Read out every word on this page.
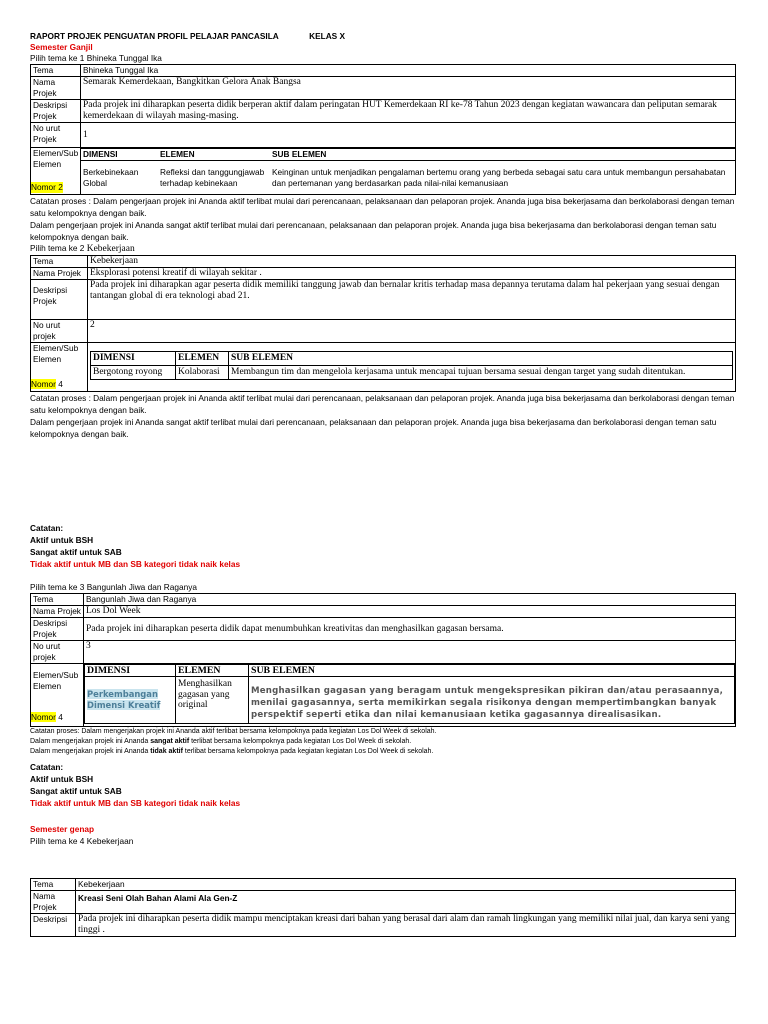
RAPORT PROJEK PENGUATAN PROFIL PELAJAR PANCASILA	KELAS X
Semester Ganjil
Pilih tema ke 1 Bhineka Tunggal Ika
Tema	Bhineka Tunggal Ika
Nama Projek	Semarak Kemerdekaan, Bangkitkan Gelora Anak Bangsa
Deskripsi Projek	Pada projek ini diharapkan peserta didik berperan aktif dalam peringatan HUT Kemerdekaan RI ke-78 Tahun 2023 dengan kegiatan wawancara dan peliputan semarak kemerdekaan di wilayah masing-masing.
No urut Projek	1

Elemen/Sub Elemen
Nomor 2

DIMENSI	ELEMEN	SUB ELEMEN
Berkebinekaan Global	Refleksi dan tanggungjawab terhadap kebinekaan	Keinginan untuk menjadikan pengalaman bertemu orang yang berbeda sebagai satu cara untuk membangun persahabatan dan pertemanan yang berdasarkan pada nilai-nilai kemanusiaan
Catatan proses : Dalam pengerjaan projek ini Ananda aktif terlibat mulai dari perencanaan, pelaksanaan dan pelaporan projek. Ananda juga bisa bekerjasama dan berkolaborasi dengan teman satu kelompoknya dengan baik.
Dalam pengerjaan projek ini Ananda sangat aktif terlibat mulai dari perencanaan, pelaksanaan dan pelaporan projek. Ananda juga bisa bekerjasama dan berkolaborasi dengan teman satu kelompoknya dengan baik.
Pilih tema ke 2 Kebekerjaan
Tema	Kebekerjaan
Nama Projek	Eksplorasi potensi kreatif di wilayah sekitar .
Deskripsi Projek	Pada projek ini diharapkan agar peserta didik memiliki tanggung jawab dan bernalar kritis terhadap masa depannya terutama dalam hal pekerjaan yang sesuai dengan tantangan global di era teknologi abad 21.
No urut projek	2

Elemen/Sub Elemen
Nomor 4

DIMENSI	ELEMEN	SUB ELEMEN
Bergotong royong	Kolaborasi	Membangun tim dan mengelola kerjasama untuk mencapai tujuan bersama sesuai dengan target yang sudah ditentukan.
Catatan proses : Dalam pengerjaan projek ini Ananda aktif terlibat mulai dari perencanaan, pelaksanaan dan pelaporan projek. Ananda juga bisa bekerjasama dan berkolaborasi dengan teman satu kelompoknya dengan baik.
Dalam pengerjaan projek ini Ananda sangat aktif terlibat mulai dari perencanaan, pelaksanaan dan pelaporan projek. Ananda juga bisa bekerjasama dan berkolaborasi dengan teman satu kelompoknya dengan baik.
Catatan:
Aktif untuk BSH
Sangat aktif untuk SAB
Tidak aktif untuk MB dan SB kategori tidak naik kelas
Pilih tema ke 3 Bangunlah Jiwa dan Raganya
Tema	Bangunlah Jiwa dan Raganya
Nama Projek	Los Dol Week
Deskripsi Projek	Pada projek ini diharapkan peserta didik dapat menumbuhkan kreativitas dan menghasilkan gagasan bersama.
No urut projek	3

Elemen/Sub Elemen
Nomor 4

DIMENSI	ELEMEN	SUB ELEMEN
Perkembangan Dimensi Kreatif	Menghasilkan gagasan yang original	Menghasilkan gagasan yang beragam untuk mengekspresikan pikiran dan/atau perasaannya, menilai gagasannya, serta memikirkan segala risikonya dengan mempertimbangkan banyak perspektif seperti etika dan nilai kemanusiaan ketika gagasannya direalisasikan.
Catatan proses: Dalam mengerjakan projek ini Ananda aktif terlibat bersama kelompoknya pada kegiatan Los Dol Week di sekolah.
Dalam mengerjakan projek ini Ananda sangat aktif terlibat bersama kelompoknya pada kegiatan Los Dol Week di sekolah.
Dalam mengerjakan projek ini Ananda tidak aktif terlibat bersama kelompoknya pada kegiatan kegiatan Los Dol Week di sekolah.
Catatan:
Aktif untuk BSH
Sangat aktif untuk SAB
Tidak aktif untuk MB dan SB kategori tidak naik kelas
Semester genap
Pilih tema ke 4 Kebekerjaan
Tema	Kebekerjaan
Nama Projek	Kreasi Seni Olah Bahan Alami Ala Gen-Z
Deskripsi	Pada projek ini diharapkan peserta didik mampu menciptakan kreasi dari bahan yang berasal dari alam dan ramah lingkungan yang memiliki nilai jual, dan karya seni yang tinggi .
